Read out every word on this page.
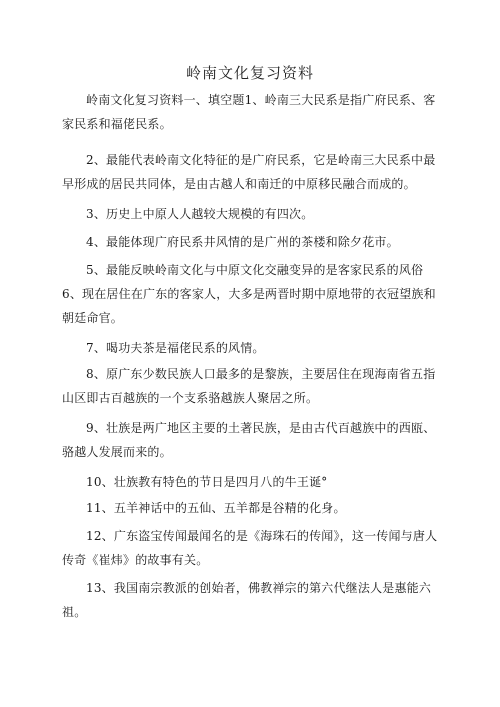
岭南文化复习资料

岭南文化复习资料一、填空题1、岭南三大民系是指广府民系、客家民系和福佬民系。

2、最能代表岭南文化特征的是广府民系，它是岭南三大民系中最早形成的居民共同体，是由古越人和南迁的中原移民融合而成的。

3、历史上中原人人越较大规模的有四次。

4、最能体现广府民系井风情的是广州的茶楼和除夕花市。

5、最能反映岭南文化与中原文化交融变异的是客家民系的风俗6、现在居住在广东的客家人，大多是两晋时期中原地带的衣冠望族和朝廷命官。

7、喝功夫茶是福佬民系的风情。

8、原广东少数民族人口最多的是黎族，主要居住在现海南省五指山区即古百越族的一个支系骆越族人聚居之所。

9、壮族是两广地区主要的土著民族，是由古代百越族中的西瓯、骆越人发展而来的。

10、壮族教有特色的节日是四月八的牛王诞°

11、五羊神话中的五仙、五羊都是谷精的化身。

12、广东盗宝传闻最闻名的是《海珠石的传闻》，这一传闻与唐人传奇《崔炜》的故事有关。

13、我国南宗教派的创始者，佛教禅宗的第六代继法人是惠能六祖。
